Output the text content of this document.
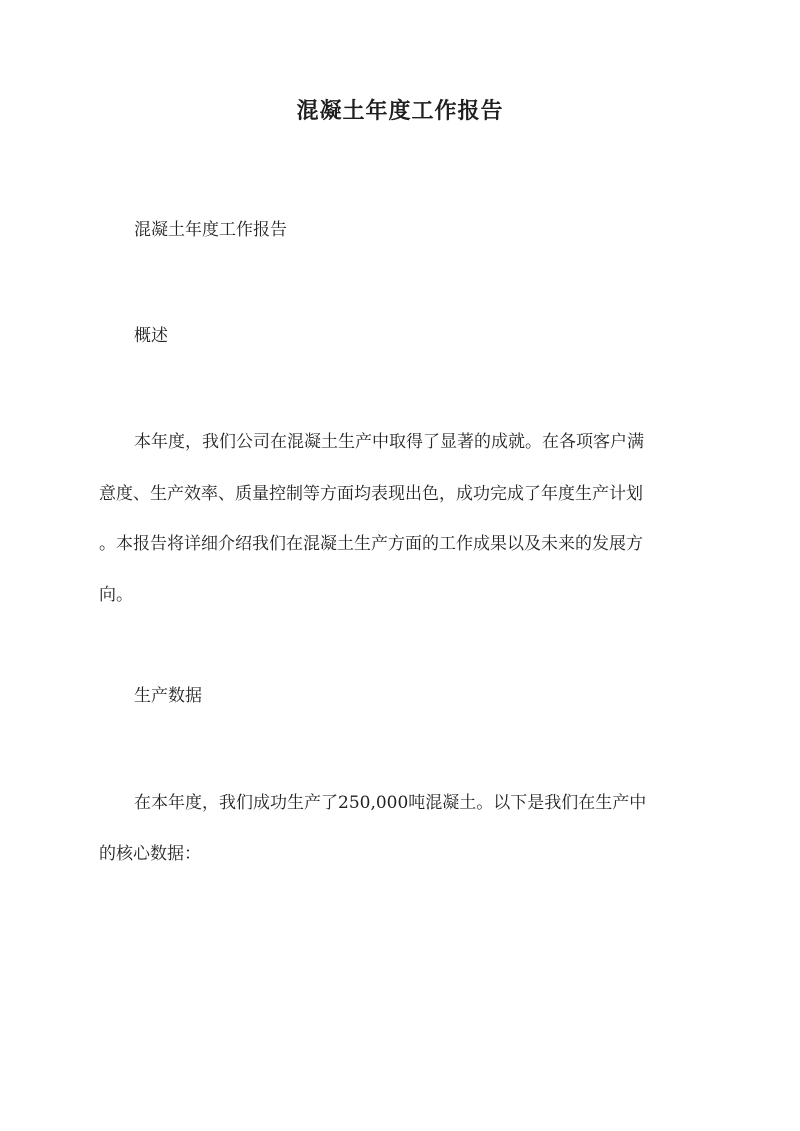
混凝土年度工作报告

混凝土年度工作报告

概述

本年度，我们公司在混凝土生产中取得了显著的成就。在各项客户满

意度、生产效率、质量控制等方面均表现出色，成功完成了年度生产计划

。本报告将详细介绍我们在混凝土生产方面的工作成果以及未来的发展方

向。

生产数据

在本年度，我们成功生产了250,000吨混凝土。以下是我们在生产中

的核心数据：
